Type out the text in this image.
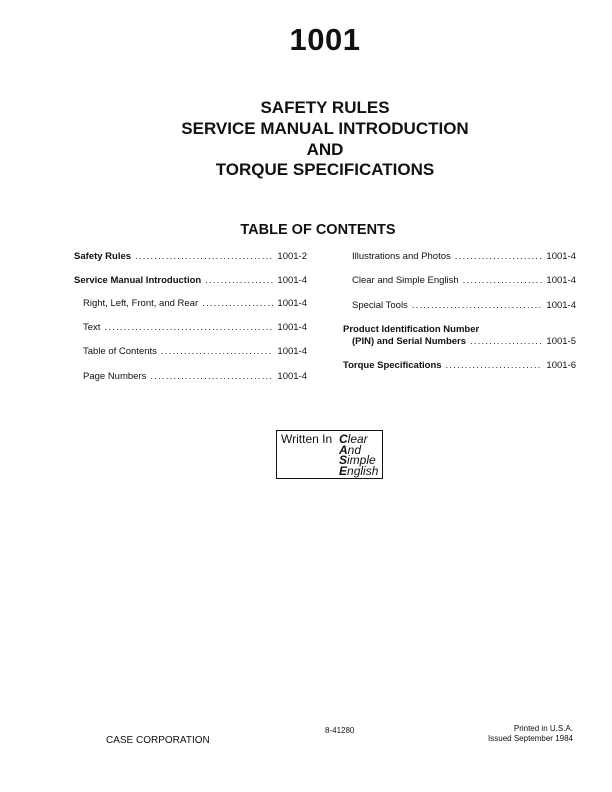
1001
SAFETY RULES
SERVICE MANUAL INTRODUCTION
AND
TORQUE SPECIFICATIONS
TABLE OF CONTENTS
Safety Rules .....	1001-2
Service Manual Introduction .....	1001-4
Right, Left, Front, and Rear .....	1001-4
Text .....	1001-4
Table of Contents .....	1001-4
Page Numbers .....	1001-4
Illustrations and Photos .....	1001-4
Clear and Simple English .....	1001-4
Special Tools .....	1001-4
Product Identification Number
(PIN) and Serial Numbers .....	1001-5
Torque Specifications .....	1001-6
Written In Clear
And
Simple
English
8-41280
CASE CORPORATION
Printed in U.S.A.
Issued September 1984
